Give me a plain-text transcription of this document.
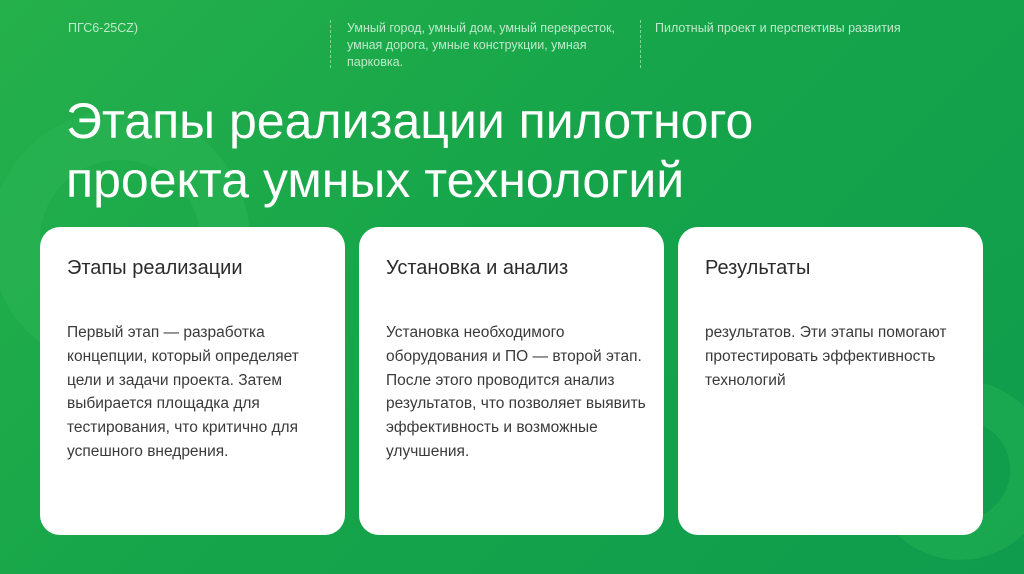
ПГС6-25CZ)	Умный город, умный дом, умный перекресток, умная дорога, умные конструкции, умная парковка.
Пилотный проект и перспективы развития
Этапы реализации пилотного проекта умных технологий
Этапы реализации

Первый этап — разработка концепции, который определяет цели и задачи проекта. Затем выбирается площадка для тестирования, что критично для успешного внедрения.

Установка и анализ

Установка необходимого оборудования и ПО — второй этап. После этого проводится анализ результатов, что позволяет выявить эффективность и возможные улучшения.

Результаты

результатов. Эти этапы помогают протестировать эффективность технологий
